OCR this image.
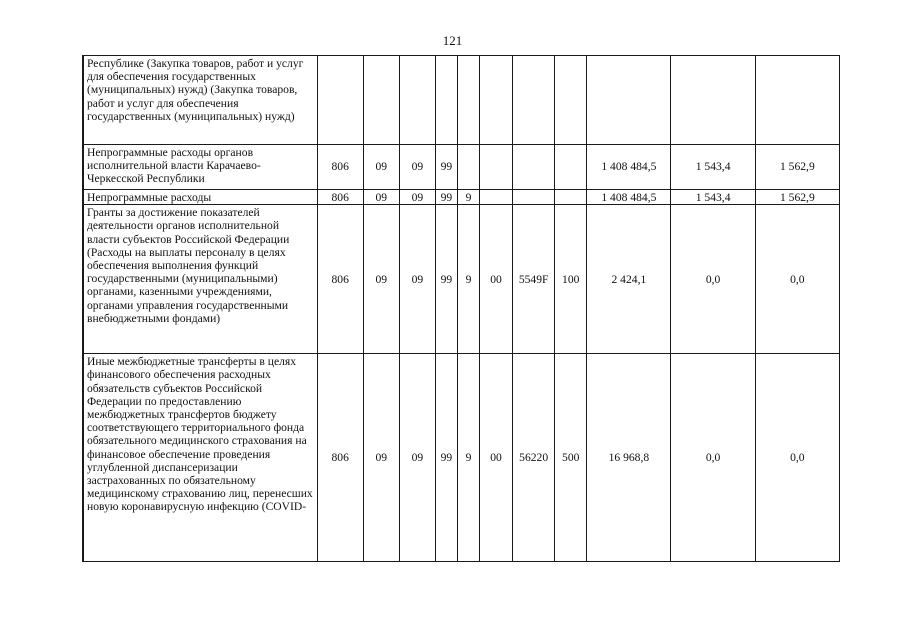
121
	Республике (Закупка товаров, работ и услуг для обеспечения государственных (муниципальных) нужд) (Закупка товаров, работ и услуг для обеспечения государственных (муниципальных) нужд)											
	Непрограммные расходы органов исполнительной власти Карачаево-Черкесской Республики	806	09	09	99					1 408 484,5	1 543,4	1 562,9
	Непрограммные расходы	806	09	09	99	9				1 408 484,5	1 543,4	1 562,9
	Гранты за достижение показателей деятельности органов исполнительной власти субъектов Российской Федерации (Расходы на выплаты персоналу в целях обеспечения выполнения функций государственными (муниципальными) органами, казенными учреждениями, органами управления государственными внебюджетными фондами)	806	09	09	99	9	00	5549F	100	2 424,1	0,0	0,0

	Иные межбюджетные трансферты в целях финансового обеспечения расходных обязательств субъектов Российской Федерации по предоставлению межбюджетных трансфертов бюджету соответствующего территориального фонда обязательного медицинского страхования на финансовое обеспечение проведения углубленной диспансеризации застрахованных по обязательному медицинскому страхованию лиц, перенесших новую коронавирусную инфекцию (COVID-	806	09	09	99	9	00	56220	500	16 968,8	0,0	0,0
